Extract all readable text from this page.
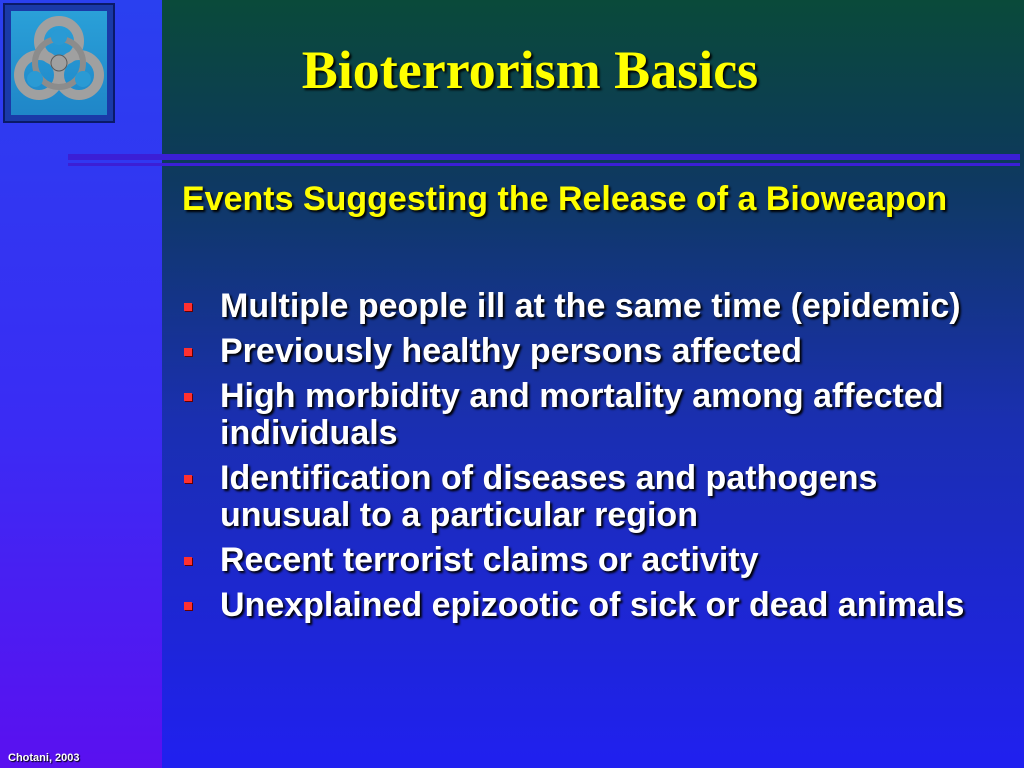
Bioterrorism Basics

Events Suggesting the Release of a Bioweapon

Multiple people ill at the same time (epidemic)
Previously healthy persons affected
High morbidity and mortality among affected individuals
Identification of diseases and pathogens unusual to a particular region
Recent terrorist claims or activity
Unexplained epizootic of sick or dead animals
Chotani, 2003
